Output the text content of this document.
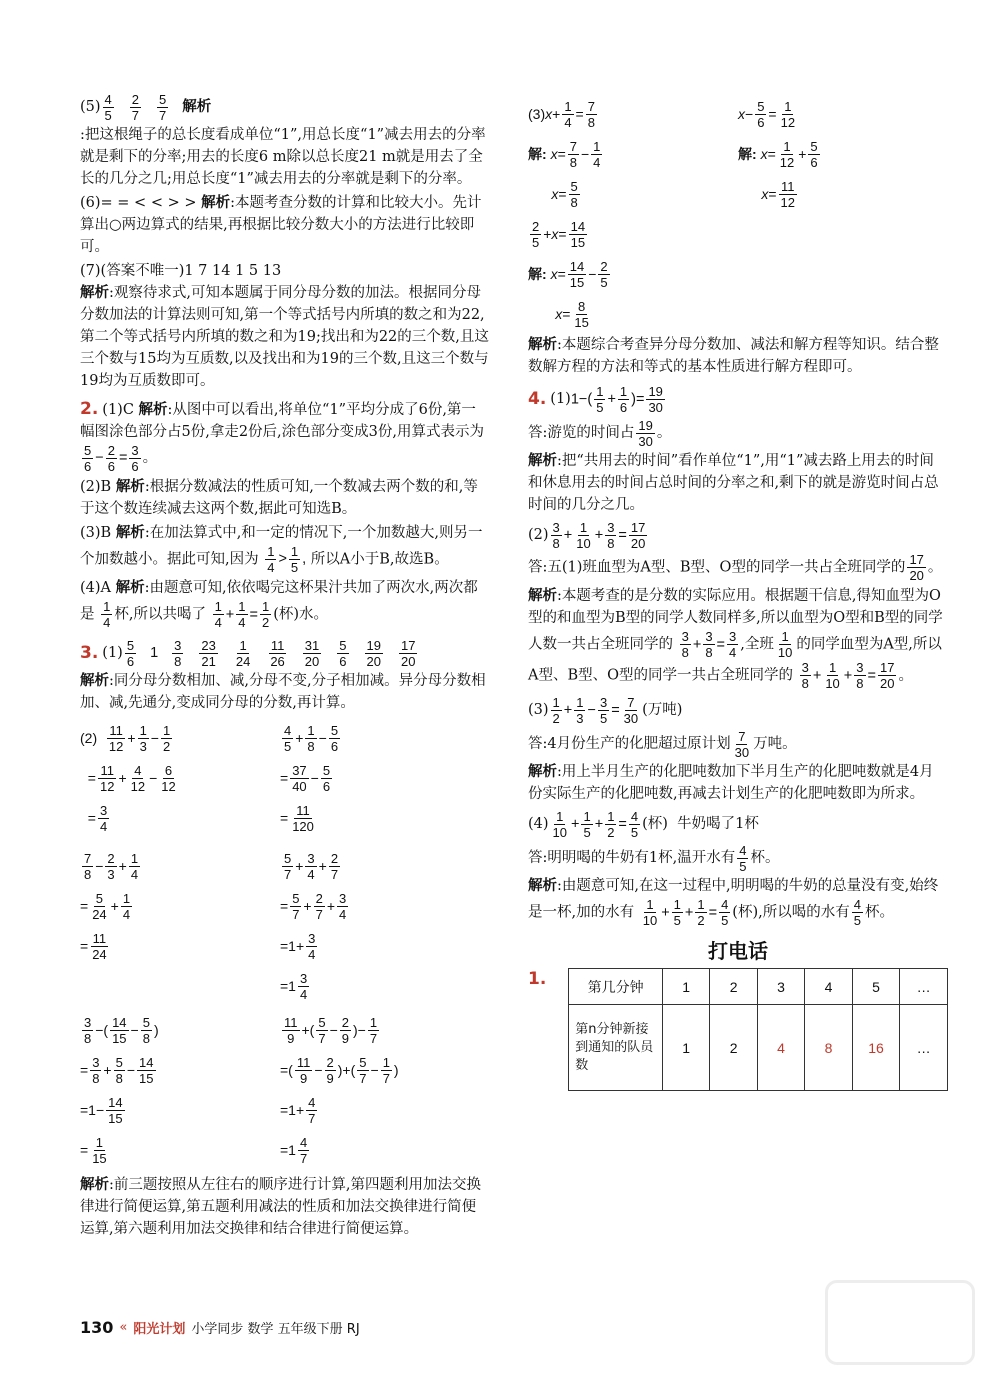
$(5) \frac{4}{5} \frac{2}{7} \frac{5}{7}$ 解析
:把这根绳子的总长度看成单位“1”,用总长度“1”减去用去的分率就是剩下的分率;用去的长度6 m除以总长度21 m就是用去了全长的几分之几;用总长度“1”减去用去的分率就是剩下的分率。
(6)= = < < > > 解析:本题考查分数的计算和比较大小。先计算出○两边算式的结果,再根据比较分数大小的方法进行比较即可。
(7)(答案不唯一)1 7 14 1 5 13
解析:观察待求式,可知本题属于同分母分数的加法。根据同分母分数加法的计算法则可知,第一个等式括号内所填的数之和为22,第二个等式括号内所填的数之和为19;找出和为22的三个数,且这三个数与15均为互质数,以及找出和为19的三个数,且这三个数与19均为互质数即可。
2. (1)C 解析:从图中可以看出,将单位“1”平均分成了6份,第一幅图涂色部分占5份,拿走2份后,涂色部分变成3份,用算式表示为
$\frac{5}{6} - \frac{2}{6} = \frac{3}{6}$ 。
(2)B 解析:根据分数减法的性质可知,一个数减去两个数的和,等于这个数连续减去这两个数,据此可知选B。
(3)B 解析:在加法算式中,和一定的情况下,一个加数越大,则另一个加数越小。据此可知,因为 $\frac{1}{4} > \frac{1}{5}$ , 所以A小于B,故选B。
(4)A 解析:由题意可知,依依喝完这杯果汁共加了两次水,两次都是 $\frac{1}{4}$ 杯,所以共喝了 $\frac{1}{4} + \frac{1}{4} = \frac{1}{2}$ (杯)水。
3. $(1) \frac{5}{6} 1 \frac{3}{8} \frac{23}{21} \frac{1}{24} \frac{11}{26} \frac{31}{20} \frac{5}{6} \frac{19}{20} \frac{17}{20}$
解析:同分母分数相加、减,分母不变,分子相加减。异分母分数相加、减,先通分,变成同分母的分数,再计算。
(2)
$\frac{11}{12} + \frac{1}{3} - \frac{1}{2}$
= $\frac{11}{12} + \frac{4}{12} - \frac{6}{12}$
= $\frac{3}{4}$
$\frac{7}{8} - \frac{2}{3} + \frac{1}{4}$
= $\frac{5}{24} + \frac{1}{4}$
= $\frac{11}{24}$
$\frac{3}{8}$ −( $\frac{14}{15} - \frac{5}{8}$ )
= $\frac{3}{8} + \frac{5}{8} - \frac{14}{15}$
$=1- \frac{14}{15}$
= $\frac{1}{15}$
$\frac{4}{5} + \frac{1}{8} - \frac{5}{6}$
= $\frac{37}{40} - \frac{5}{6}$
= $\frac{11}{120}$
$\frac{5}{7} + \frac{3}{4} + \frac{2}{7}$
= $\frac{5}{7} + \frac{2}{7} + \frac{3}{4}$
$=1+ \frac{3}{4}$
$=1 \frac{3}{4}$
$\frac{11}{9}$ +( $\frac{5}{7} - \frac{2}{9}$ )− $\frac{1}{7}$
=( $\frac{11}{9} - \frac{2}{9}$ )+( $\frac{5}{7} - \frac{1}{7}$ )
$=1+ \frac{4}{7}$
$=1 \frac{4}{7}$
解析:前三题按照从左往右的顺序进行计算,第四题利用加法交换律进行简便运算,第五题利用减法的性质和加法交换律进行简便运算,第六题利用加法交换律和结合律进行简便运算。
(3) $x + \frac{1}{4} = \frac{7}{8}$
解:
$x = \frac{7}{8} - \frac{1}{4}$

$x = \frac{5}{8}$
$x - \frac{5}{6} = \frac{1}{12}$
解:
$x = \frac{1}{12} + \frac{5}{6}$

$x = \frac{11}{12}$
$\frac{2}{5} + x = \frac{14}{15}$
解:
$x = \frac{14}{15} - \frac{2}{5}$

$x = \frac{8}{15}$
解析:本题综合考查异分母分数加、减法和解方程等知识。结合整数解方程的方法和等式的基本性质进行解方程即可。
4. (1) $1-( \frac{1}{5} + \frac{1}{6}$ )= $\frac{19}{30}$
答:游览的时间占 $\frac{19}{30}$ 。
解析:把“共用去的时间”看作单位“1”,用“1”减去路上用去的时间和休息用去的时间占总时间的分率之和,剩下的就是游览时间占总时间的几分之几。
$(2) \frac{3}{8} + \frac{1}{10} + \frac{3}{8} = \frac{17}{20}$
答:五(1)班血型为A型、B型、O型的同学一共占全班同学的 $\frac{17}{20}$ 。
解析:本题考查的是分数的实际应用。根据题干信息,得知血型为O型的和血型为B型的同学人数同样多,所以血型为O型和B型的同学人数一共占全班同学的 $\frac{3}{8} + \frac{3}{8} = \frac{3}{4}$ ,全班 $\frac{1}{10}$ 的同学血型为A型,所以A型、B型、O型的同学一共占全班同学的 $\frac{3}{8} + \frac{1}{10} + \frac{3}{8} = \frac{17}{20}$ 。
$(3) \frac{1}{2} + \frac{1}{3} - \frac{3}{5} = \frac{7}{30}$ (万吨)
答:4月份生产的化肥超过原计划 $\frac{7}{30}$ 万吨。
解析:用上半月生产的化肥吨数加下半月生产的化肥吨数就是4月份实际生产的化肥吨数,再减去计划生产的化肥吨数即为所求。
$(4) \frac{1}{10} + \frac{1}{5} + \frac{1}{2} = \frac{4}{5}$ (杯)
牛奶喝了1杯
答:明明喝的牛奶有1杯,温开水有 $\frac{4}{5}$ 杯。
解析:由题意可知,在这一过程中,明明喝的牛奶的总量没有变,始终是一杯,加的水有 $\frac{1}{10} + \frac{1}{5} + \frac{1}{2} = \frac{4}{5}$ (杯),所以喝的水有 $\frac{4}{5}$ 杯。
打电话
1.	第几分钟	1	2	3	4	5	…
第n分钟新接到通知的队员数	1	2	4	8	16	…
130 « 阳光计划 小学同步 数学 五年级下册 RJ
